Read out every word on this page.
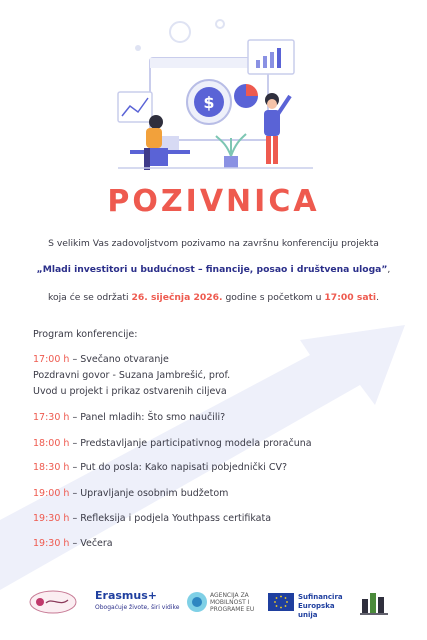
$
POZIVNICA
S velikim Vas zadovoljstvom pozivamo na završnu konferenciju projekta
„Mladi investitori u budućnost – financije, posao i društvena uloga”,
koja će se održati 26. siječnja 2026. godine s početkom u 17:00 sati.
Program konferencije:
17:00 h – Svečano otvaranje
Pozdravni govor - Suzana Jambrešić, prof.
Uvod u projekt i prikaz ostvarenih ciljeva
17:30 h – Panel mladih: Što smo naučili?
18:00 h – Predstavljanje participativnog modela proračuna
18:30 h – Put do posla: Kako napisati pobjednički CV?
19:00 h – Upravljanje osobnim budžetom
19:30 h – Refleksija i podjela Youthpass certifikata
19:30 h – Večera
Erasmus+
Obogaćuje živote, širi vidike
AGENCIJA ZA MOBILNOST I PROGRAME EU
Sufinancira Europska unija
